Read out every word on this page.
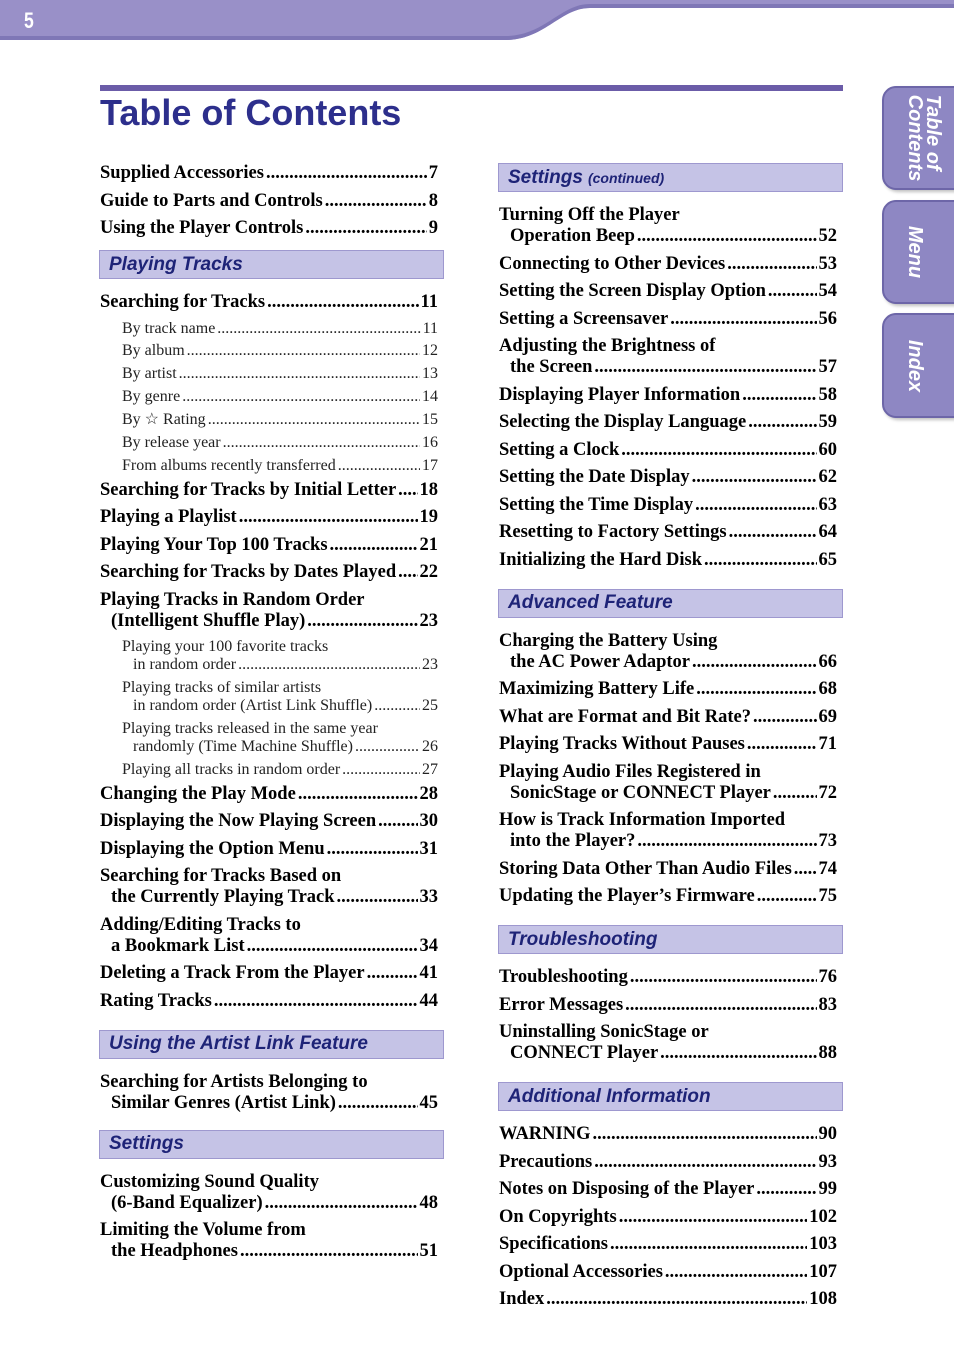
5
Table of Contents	Table of
Contents
Menu
Index
Supplied Accessories .....	7
Guide to Parts and Controls .....	8
Using the Player Controls .....	9
Playing Tracks
Searching for Tracks .....	11
By track name .....	11
By album .....	12
By artist .....	13
By genre .....	14
By ☆ Rating .....	15
By release year .....	16
From albums recently transferred .....	17
Searching for Tracks by Initial Letter ..... 18
Playing a Playlist .....	19
Playing Your Top 100 Tracks .....	21
Searching for Tracks by Dates Played ..... 22
Playing Tracks in Random Order
(Intelligent Shuffle Play) .....	23
Playing your 100 favorite tracks
in random order .....	23
Playing tracks of similar artists
in random order (Artist Link Shuffle) .....	25
Playing tracks released in the same year
randomly (Time Machine Shuffle) .....	26
Playing all tracks in random order .....	27
Changing the Play Mode .....	28
Displaying the Now Playing Screen ..... 30
Displaying the Option Menu .....	31
Searching for Tracks Based on
the Currently Playing Track .....	33
Adding/Editing Tracks to
a Bookmark List .....	34
Deleting a Track From the Player .....	41
Rating Tracks .....	44
Using the Artist Link Feature
Searching for Artists Belonging to
Similar Genres (Artist Link) .....	45
Settings
Customizing Sound Quality
(6-Band Equalizer) .....	48
Limiting the Volume from
the Headphones .....	51
Settings (continued)
Turning Off the Player
Operation Beep .....	52
Connecting to Other Devices .....	53
Setting the Screen Display Option .....	54
Setting a Screensaver .....	56
Adjusting the Brightness of
the Screen .....	57
Displaying Player Information .....	58
Selecting the Display Language .....	59
Setting a Clock .....	60
Setting the Date Display .....	62
Setting the Time Display .....	63
Resetting to Factory Settings .....	64
Initializing the Hard Disk .....	65
Advanced Feature
Charging the Battery Using
the AC Power Adaptor .....	66
Maximizing Battery Life .....	68
What are Format and Bit Rate? .....	69
Playing Tracks Without Pauses .....	71
Playing Audio Files Registered in
SonicStage or CONNECT Player .....	72
How is Track Information Imported
into the Player? .....	73
Storing Data Other Than Audio Files ..... 74
Updating the Player’s Firmware .....	75
Troubleshooting
Troubleshooting .....	76
Error Messages .....	83
Uninstalling SonicStage or
CONNECT Player .....	88
Additional Information
WARNING .....	90
Precautions .....	93
Notes on Disposing of the Player .....	99
On Copyrights .....	102
Specifications .....	103
Optional Accessories .....	107
Index .....	108
